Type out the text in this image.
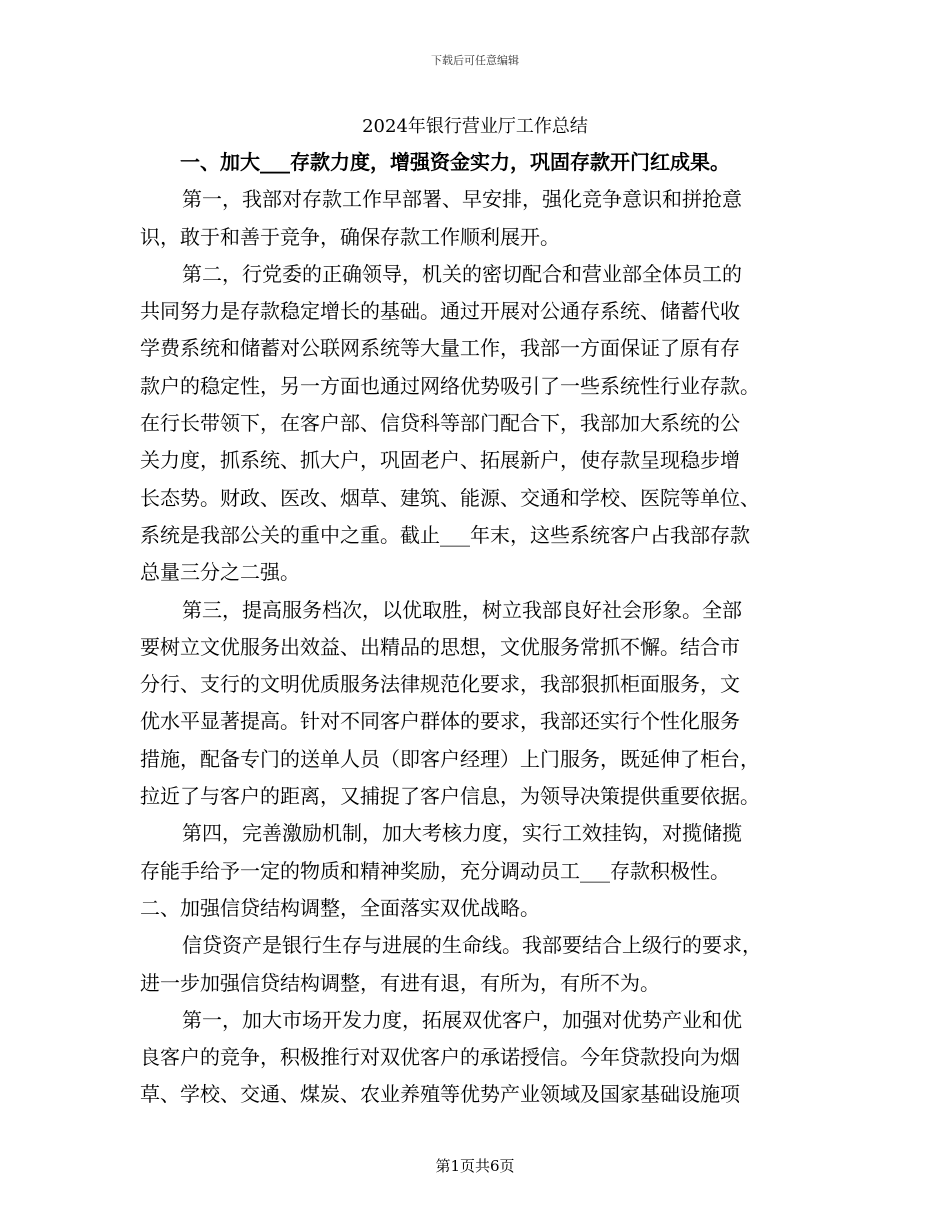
下载后可任意编辑
2024年银行营业厅工作总结
一、加大___存款力度，增强资金实力，巩固存款开门红成果。
第一，我部对存款工作早部署、早安排，强化竞争意识和拼抢意
识，敢于和善于竞争，确保存款工作顺利展开。
第二，行党委的正确领导，机关的密切配合和营业部全体员工的
共同努力是存款稳定增长的基础。通过开展对公通存系统、储蓄代收
学费系统和储蓄对公联网系统等大量工作，我部一方面保证了原有存
款户的稳定性，另一方面也通过网络优势吸引了一些系统性行业存款。
在行长带领下，在客户部、信贷科等部门配合下，我部加大系统的公
关力度，抓系统、抓大户，巩固老户、拓展新户，使存款呈现稳步增
长态势。财政、医改、烟草、建筑、能源、交通和学校、医院等单位、
系统是我部公关的重中之重。截止___年末，这些系统客户占我部存款
总量三分之二强。
第三，提高服务档次，以优取胜，树立我部良好社会形象。全部
要树立文优服务出效益、出精品的思想，文优服务常抓不懈。结合市
分行、支行的文明优质服务法律规范化要求，我部狠抓柜面服务，文
优水平显著提高。针对不同客户群体的要求，我部还实行个性化服务
措施，配备专门的送单人员（即客户经理）上门服务，既延伸了柜台，
拉近了与客户的距离，又捕捉了客户信息，为领导决策提供重要依据。
第四，完善激励机制，加大考核力度，实行工效挂钩，对揽储揽
存能手给予一定的物质和精神奖励，充分调动员工___存款积极性。
二、加强信贷结构调整，全面落实双优战略。
信贷资产是银行生存与进展的生命线。我部要结合上级行的要求，
进一步加强信贷结构调整，有进有退，有所为，有所不为。
第一，加大市场开发力度，拓展双优客户，加强对优势产业和优
良客户的竞争，积极推行对双优客户的承诺授信。今年贷款投向为烟
草、学校、交通、煤炭、农业养殖等优势产业领域及国家基础设施项
第1页共6页
